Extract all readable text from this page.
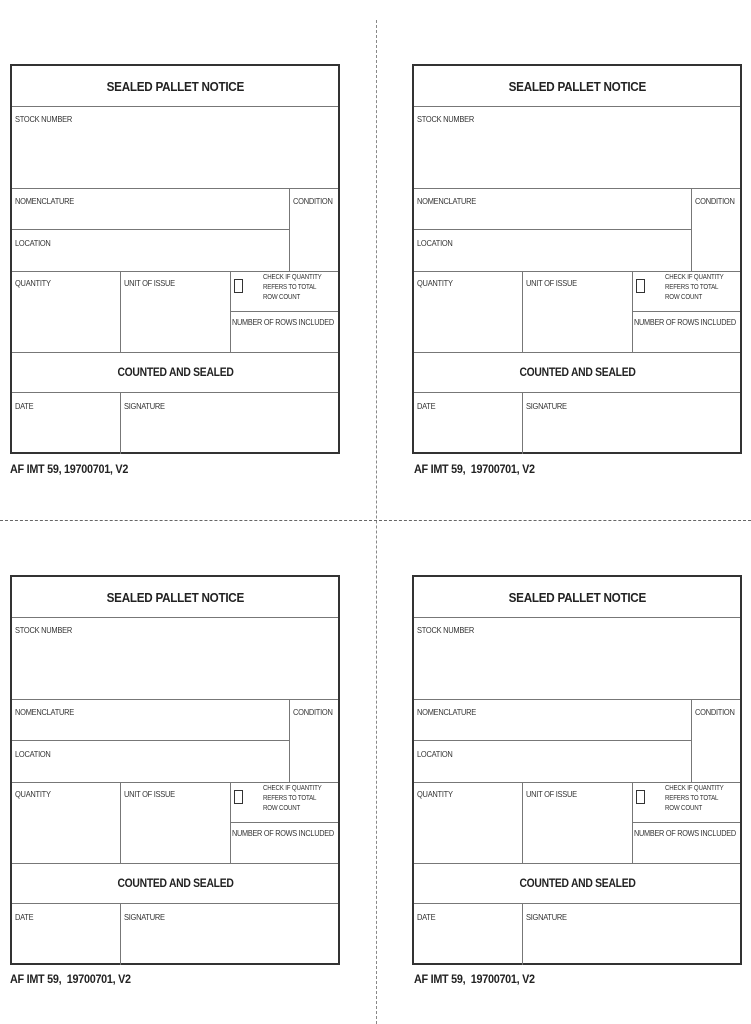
SEALED PALLET NOTICE
STOCK NUMBER
NOMENCLATURE
LOCATION
CONDITION
QUANTITY	UNIT OF ISSUE
CHECK IF QUANTITY
REFERS TO TOTAL
ROW COUNT
NUMBER OF ROWS INCLUDED
COUNTED AND SEALED
DATE	SIGNATURE
AF IMT 59, 19700701, V2
SEALED PALLET NOTICE
STOCK NUMBER
NOMENCLATURE
LOCATION
CONDITION
QUANTITY	UNIT OF ISSUE
CHECK IF QUANTITY
REFERS TO TOTAL
ROW COUNT
NUMBER OF ROWS INCLUDED
COUNTED AND SEALED
DATE	SIGNATURE
AF IMT 59,  19700701, V2
SEALED PALLET NOTICE
STOCK NUMBER
NOMENCLATURE
LOCATION
CONDITION
QUANTITY	UNIT OF ISSUE
CHECK IF QUANTITY
REFERS TO TOTAL
ROW COUNT
NUMBER OF ROWS INCLUDED
COUNTED AND SEALED
DATE	SIGNATURE
AF IMT 59,  19700701, V2
SEALED PALLET NOTICE
STOCK NUMBER
NOMENCLATURE
LOCATION
CONDITION
QUANTITY	UNIT OF ISSUE
CHECK IF QUANTITY
REFERS TO TOTAL
ROW COUNT
NUMBER OF ROWS INCLUDED
COUNTED AND SEALED
DATE	SIGNATURE
AF IMT 59,  19700701, V2
